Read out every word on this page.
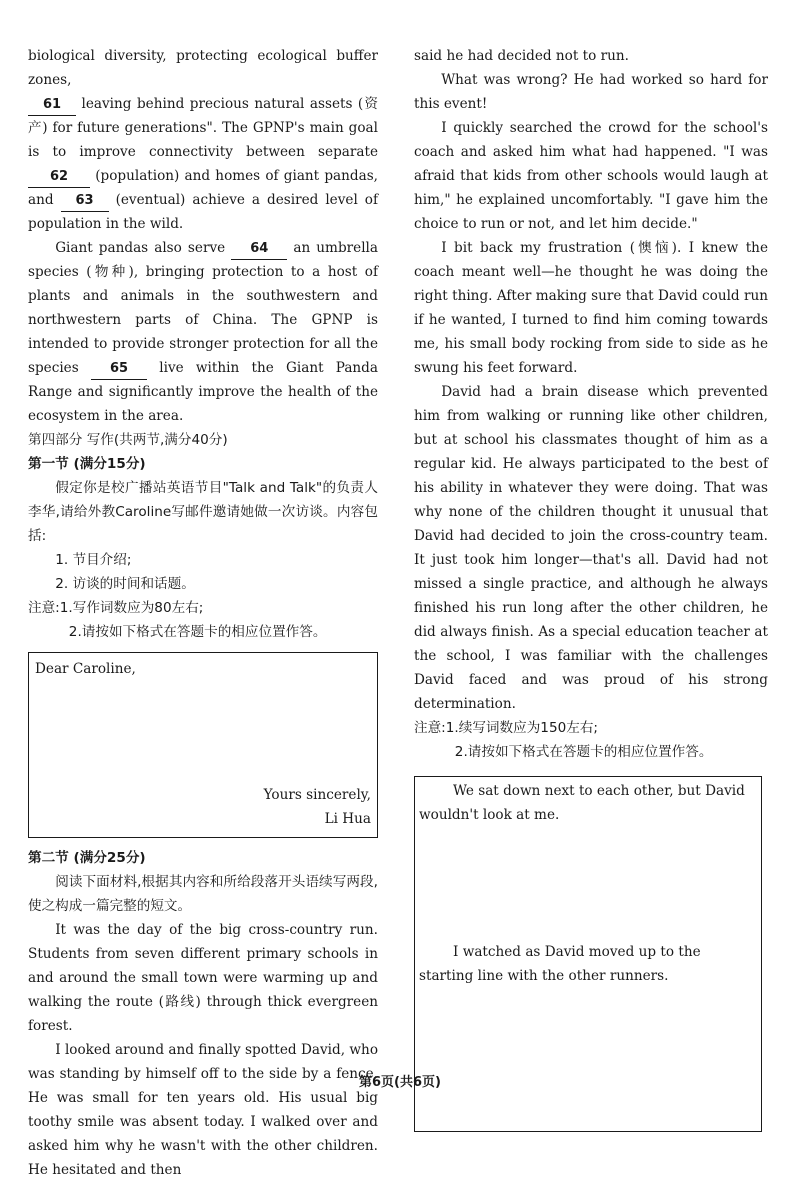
biological diversity, protecting ecological buffer zones,
61 leaving behind precious natural assets (资产) for future generations". The GPNP's main goal is to improve connectivity between separate 62 (population) and homes of giant pandas, and 63 (eventual) achieve a desired level of population in the wild.

Giant pandas also serve 64 an umbrella species (物种), bringing protection to a host of plants and animals in the southwestern and northwestern parts of China. The GPNP is intended to provide stronger protection for all the species 65 live within the Giant Panda Range and significantly improve the health of the ecosystem in the area.

第四部分 写作(共两节,满分40分)

第一节 (满分15分)

假定你是校广播站英语节目"Talk and Talk"的负责人李华,请给外教Caroline写邮件邀请她做一次访谈。内容包括:

1. 节目介绍;

2. 访谈的时间和话题。

注意:1.写作词数应为80左右;

2.请按如下格式在答题卡的相应位置作答。

Dear Caroline,
Yours sincerely,
Li Hua

第二节 (满分25分)

阅读下面材料,根据其内容和所给段落开头语续写两段,使之构成一篇完整的短文。

It was the day of the big cross-country run. Students from seven different primary schools in and around the small town were warming up and walking the route (路线) through thick evergreen forest.

I looked around and finally spotted David, who was standing by himself off to the side by a fence. He was small for ten years old. His usual big toothy smile was absent today. I walked over and asked him why he wasn't with the other children. He hesitated and then

said he had decided not to run.

What was wrong? He had worked so hard for this event!

I quickly searched the crowd for the school's coach and asked him what had happened. "I was afraid that kids from other schools would laugh at him," he explained uncomfortably. "I gave him the choice to run or not, and let him decide."

I bit back my frustration (懊恼). I knew the coach meant well—he thought he was doing the right thing. After making sure that David could run if he wanted, I turned to find him coming towards me, his small body rocking from side to side as he swung his feet forward.

David had a brain disease which prevented him from walking or running like other children, but at school his classmates thought of him as a regular kid. He always participated to the best of his ability in whatever they were doing. That was why none of the children thought it unusual that David had decided to join the cross-country team. It just took him longer—that's all. David had not missed a single practice, and although he always finished his run long after the other children, he did always finish. As a special education teacher at the school, I was familiar with the challenges David faced and was proud of his strong determination.

注意:1.续写词数应为150左右;

2.请按如下格式在答题卡的相应位置作答。

We sat down next to each other, but David wouldn't look at me.
I watched as David moved up to the starting line with the other runners.
第6页(共6页)
